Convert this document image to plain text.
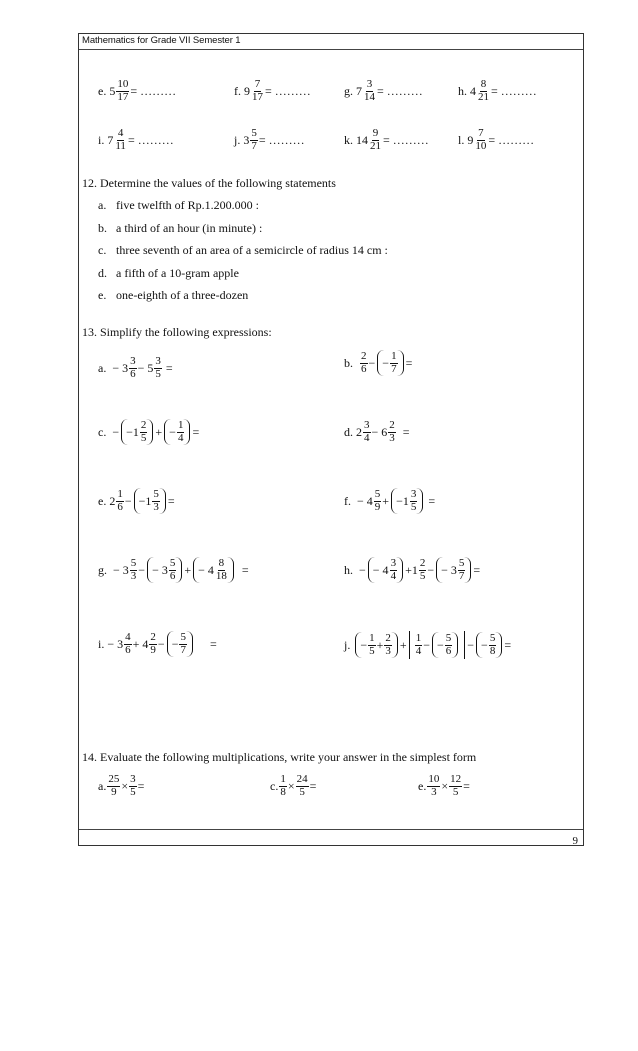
Mathematics for Grade VII Semester 1
9
e. $5 \frac{10}{17}$ = ………	f. $9 \frac{7}{17}$ = ………	g. $7 \frac{3}{14}$ = ………	h. $4 \frac{8}{21}$ = ………
i. $7 \frac{4}{11}$ = ………	j. $3 \frac{5}{7}$ = ………	k. $14 \frac{9}{21}$ = ……… l. $9 \frac{7}{10}$ = ………
12. Determine the values of the following statements
a. five twelfth of Rp.1.200.000 :
b. a third of an hour (in minute) :
c. three seventh of an area of a semicircle of radius 14 cm :
d. a fifth of a 10-gram apple
e. one-eighth of a three-dozen
13. Simplify the following expressions:
a. − $3 \frac{3}{6} - 5 \frac{3}{5}$ =	b. $\frac{2}{6}$ − − $\frac{1}{7}$ =
c. − $-1 \frac{2}{5}$ + − $\frac{1}{4}$ =	d. $2 \frac{3}{4} - 6 \frac{2}{3}$ =
e. $2 \frac{1}{6} - -1 \frac{5}{3}$ =	f. − $4 \frac{5}{9} + -1 \frac{3}{5}$ =
g. − $3 \frac{5}{3}$ − − $3 \frac{5}{6}$ + − $4 \frac{8}{18}$ =	h. − − $4 \frac{3}{4} +1 \frac{2}{5}$ − − $3 \frac{5}{7}$ =
i. − $3 \frac{4}{6} + 4 \frac{2}{9}$ − − $\frac{5}{7}$ =	j. − $\frac{1}{5} + \frac{2}{3} + \frac{1}{4}$ − − $\frac{5}{6}$ − − $\frac{5}{8}$ =
14. Evaluate the following multiplications, write your answer in the simplest form
a. $\frac{25}{9} \times \frac{3}{5}$ =	c. $\frac{1}{8} \times \frac{24}{5}$ =	e. $\frac{10}{3} \times \frac{12}{5}$ =
